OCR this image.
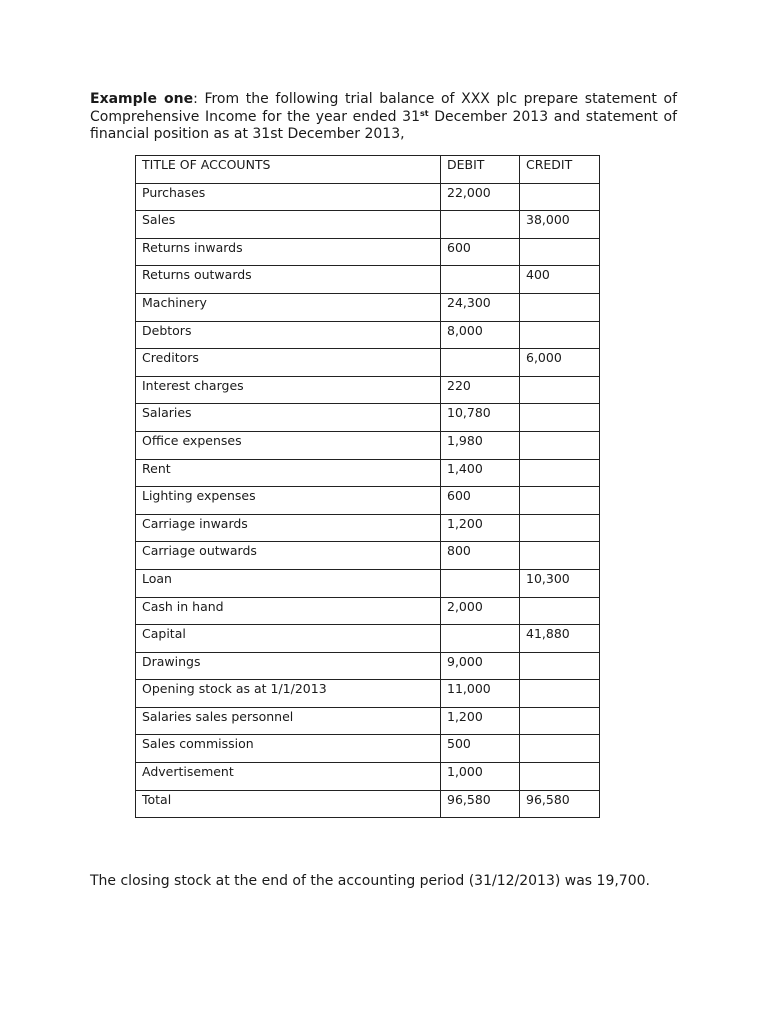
Example one: From the following trial balance of XXX plc prepare statement of Comprehensive Income for the year ended 31st December 2013 and statement of financial position as at 31st December 2013,

TITLE OF ACCOUNTS	DEBIT	CREDIT
Purchases	22,000	
Sales		38,000
Returns inwards	600	
Returns outwards		400
Machinery	24,300	
Debtors	8,000	
Creditors		6,000
Interest charges	220	
Salaries	10,780	
Office expenses	1,980	
Rent	1,400	
Lighting expenses	600	
Carriage inwards	1,200	
Carriage outwards	800	
Loan		10,300
Cash in hand	2,000	
Capital		41,880
Drawings	9,000	
Opening stock as at 1/1/2013	11,000	
Salaries sales personnel	1,200	
Sales commission	500	
Advertisement	1,000	
Total	96,580	96,580

The closing stock at the end of the accounting period (31/12/2013) was 19,700.
